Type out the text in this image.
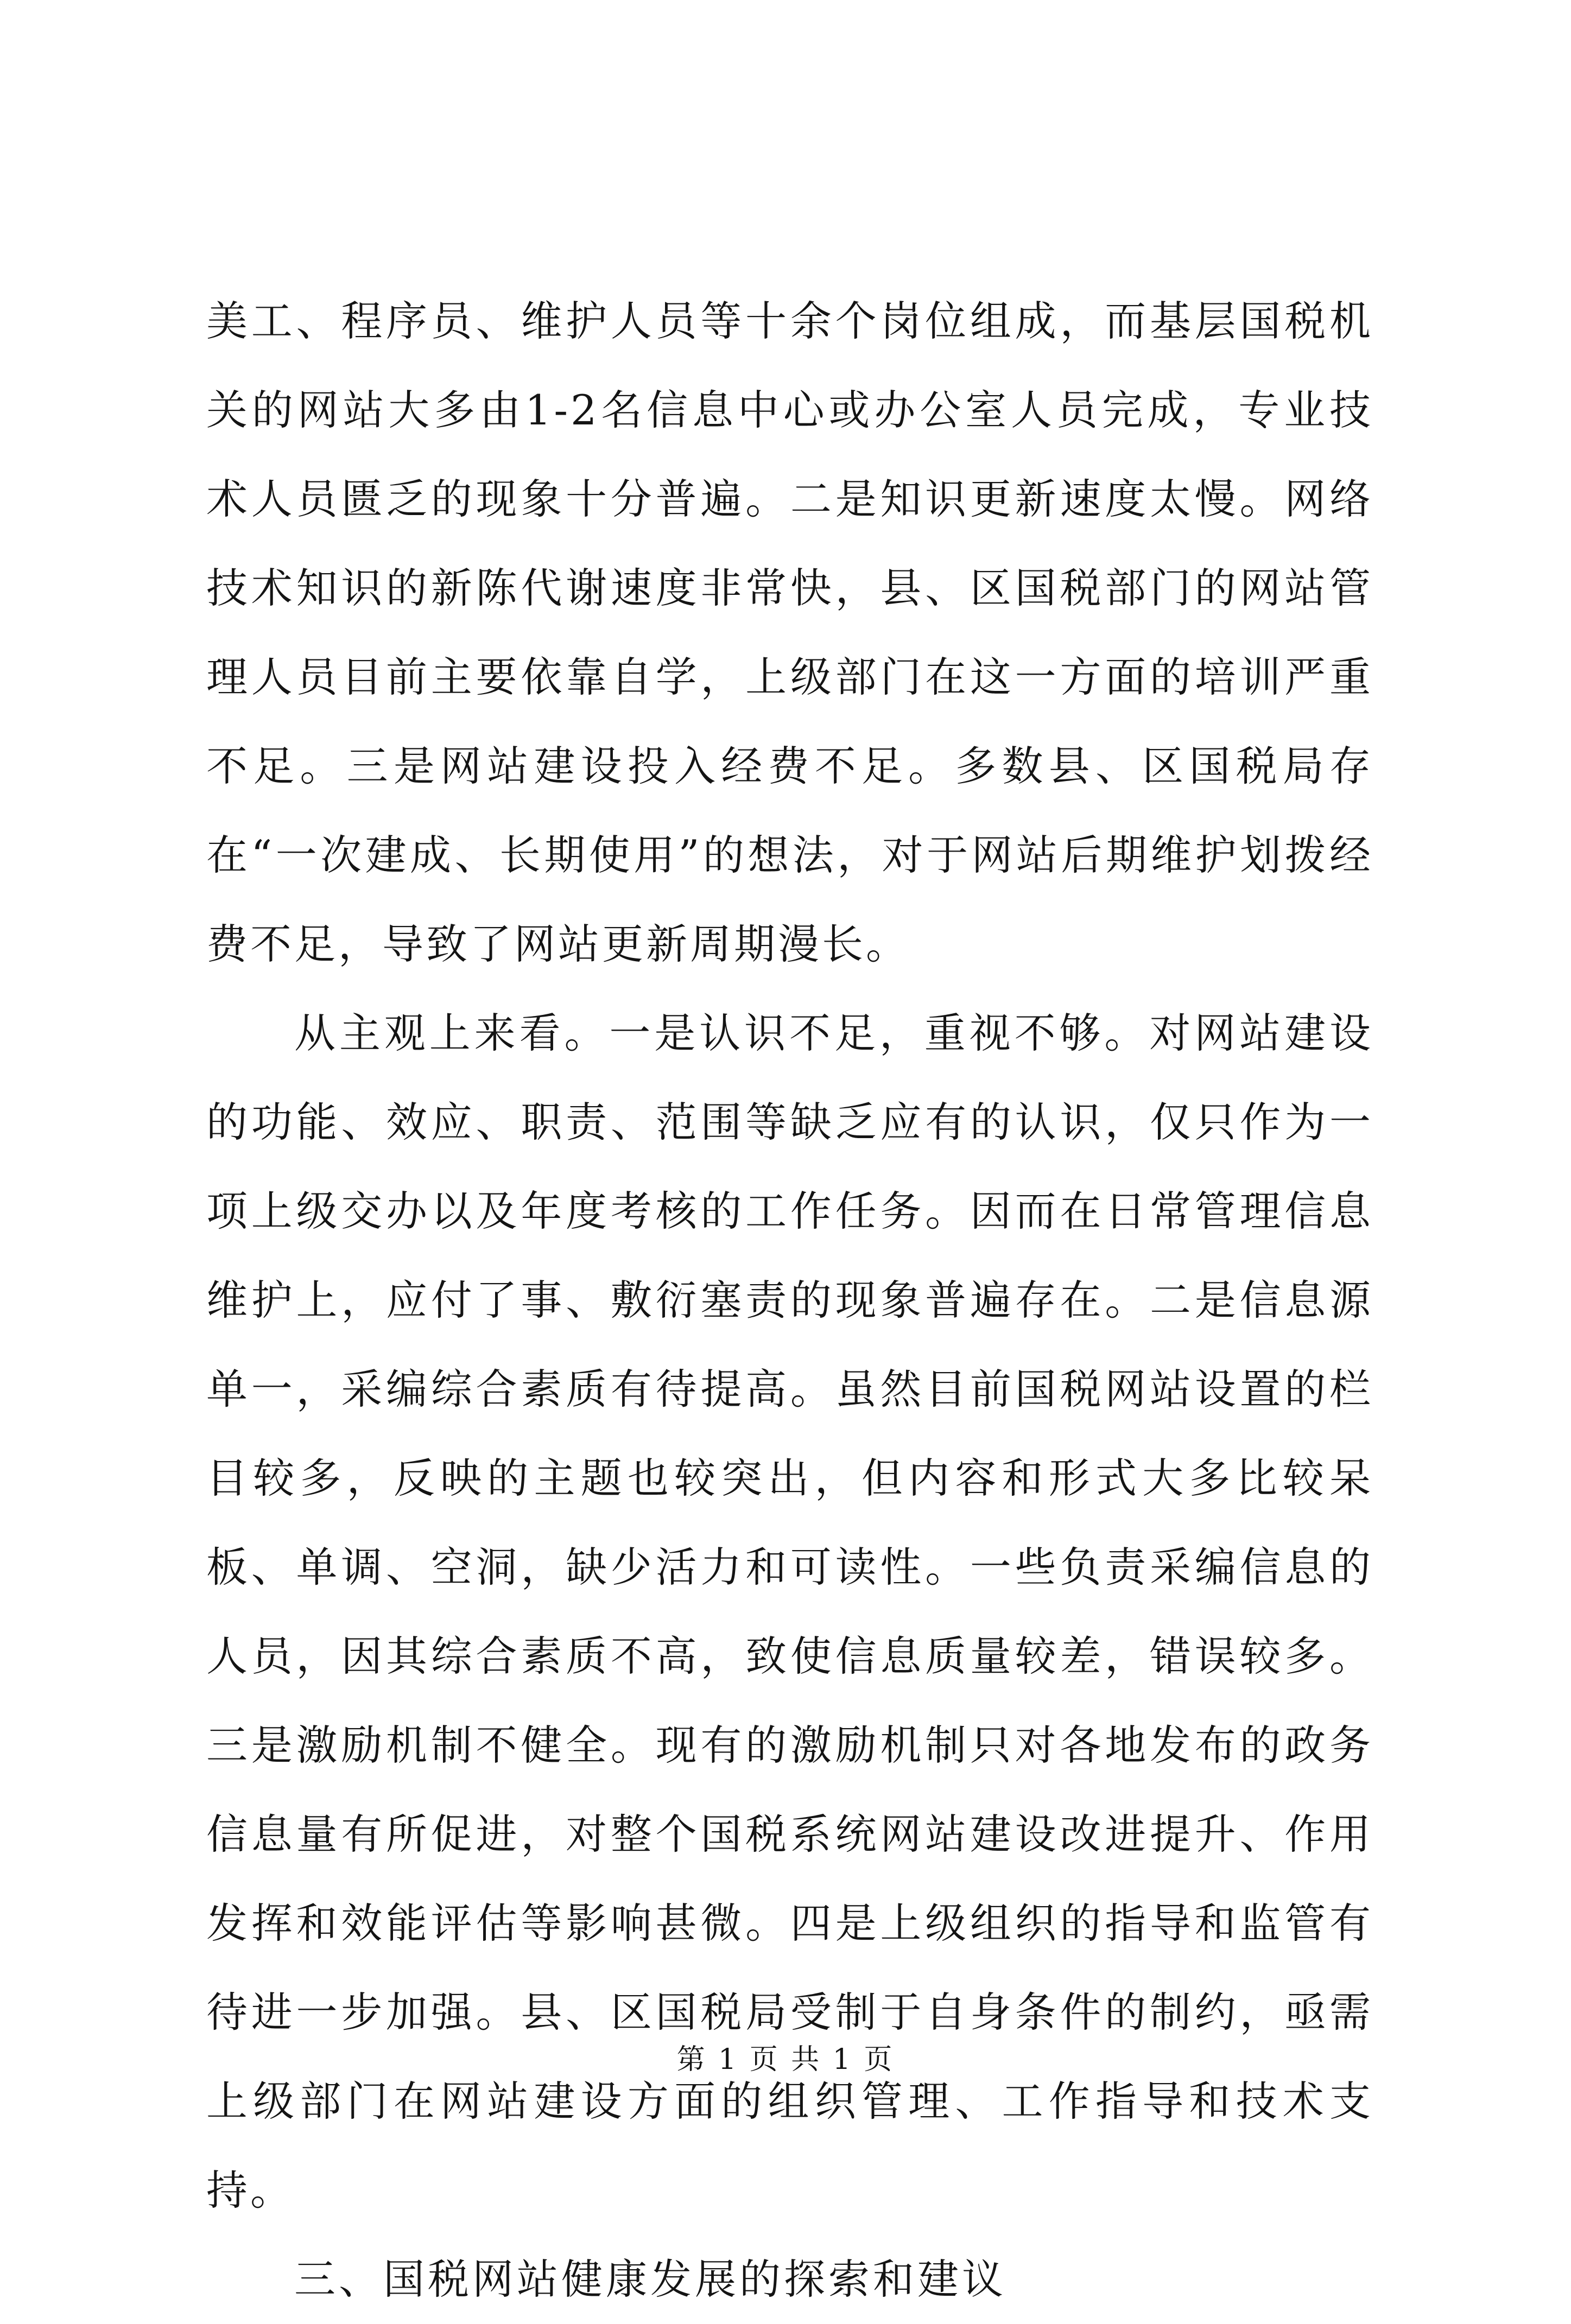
美工、程序员、维护人员等十余个岗位组成，而基层国税机关的网站大多由1-2名信息中心或办公室人员完成，专业技术人员匮乏的现象十分普遍。二是知识更新速度太慢。网络技术知识的新陈代谢速度非常快，县、区国税部门的网站管理人员目前主要依靠自学，上级部门在这一方面的培训严重不足。三是网站建设投入经费不足。多数县、区国税局存在“一次建成、长期使用”的想法，对于网站后期维护划拨经费不足，导致了网站更新周期漫长。

从主观上来看。一是认识不足，重视不够。对网站建设的功能、效应、职责、范围等缺乏应有的认识，仅只作为一项上级交办以及年度考核的工作任务。因而在日常管理信息维护上，应付了事、敷衍塞责的现象普遍存在。二是信息源单一，采编综合素质有待提高。虽然目前国税网站设置的栏目较多，反映的主题也较突出，但内容和形式大多比较呆板、单调、空洞，缺少活力和可读性。一些负责采编信息的人员，因其综合素质不高，致使信息质量较差，错误较多。三是激励机制不健全。现有的激励机制只对各地发布的政务信息量有所促进，对整个国税系统网站建设改进提升、作用发挥和效能评估等影响甚微。四是上级组织的指导和监管有待进一步加强。县、区国税局受制于自身条件的制约，亟需上级部门在网站建设方面的组织管理、工作指导和技术支持。

三、国税网站健康发展的探索和建议

第 1 页 共 1 页
